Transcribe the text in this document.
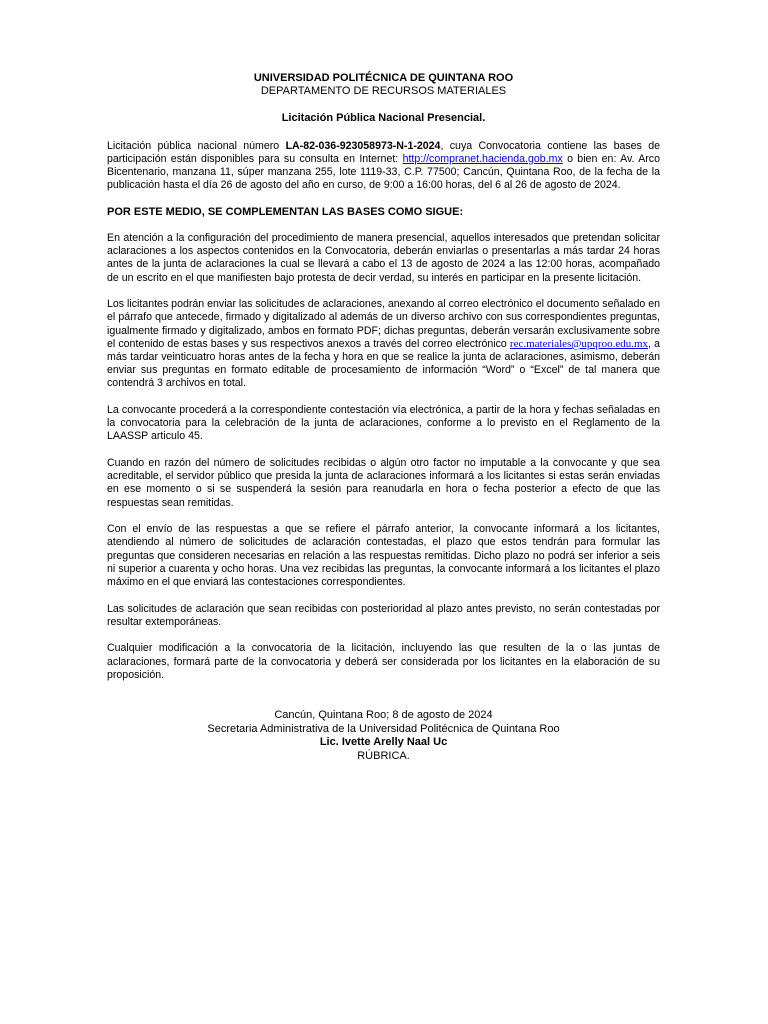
UNIVERSIDAD POLITÉCNICA DE QUINTANA ROO
DEPARTAMENTO DE RECURSOS MATERIALES
Licitación Pública Nacional Presencial.

Licitación pública nacional número LA-82-036-923058973-N-1-2024, cuya Convocatoria contiene las bases de participación están disponibles para su consulta en Internet: http://compranet.hacienda.gob.mx o bien en: Av. Arco Bicentenario, manzana 11, súper manzana 255, lote 1119-33, C.P. 77500; Cancún, Quintana Roo, de la fecha de la publicación hasta el día 26 de agosto del año en curso, de 9:00 a 16:00 horas, del 6 al 26 de agosto de 2024.

POR ESTE MEDIO, SE COMPLEMENTAN LAS BASES COMO SIGUE:

En atención a la configuración del procedimiento de manera presencial, aquellos interesados que pretendan solicitar aclaraciones a los aspectos contenidos en la Convocatoria, deberán enviarlas o presentarlas a más tardar 24 horas antes de la junta de aclaraciones la cual se llevará a cabo el 13 de agosto de 2024 a las 12:00 horas, acompañado de un escrito en el que manifiesten bajo protesta de decir verdad, su interés en participar en la presente licitación.

Los licitantes podrán enviar las solicitudes de aclaraciones, anexando al correo electrónico el documento señalado en el párrafo que antecede, firmado y digitalizado al además de un diverso archivo con sus correspondientes preguntas, igualmente firmado y digitalizado, ambos en formato PDF; dichas preguntas, deberán versarán exclusivamente sobre el contenido de estas bases y sus respectivos anexos a través del correo electrónico rec.materiales@upqroo.edu.mx, a más tardar veinticuatro horas antes de la fecha y hora en que se realice la junta de aclaraciones, asimismo, deberán enviar sus preguntas en formato editable de procesamiento de información “Word” o “Excel” de tal manera que contendrá 3 archivos en total.

La convocante procederá a la correspondiente contestación vía electrónica, a partir de la hora y fechas señaladas en la convocatoria para la celebración de la junta de aclaraciones, conforme a lo previsto en el Reglamento de la LAASSP articulo 45.

Cuando en razón del número de solicitudes recibidas o algún otro factor no imputable a la convocante y que sea acreditable, el servidor público que presida la junta de aclaraciones informará a los licitantes si estas serán enviadas en ese momento o si se suspenderá la sesión para reanudarla en hora o fecha posterior a efecto de que las respuestas sean remitidas.

Con el envío de las respuestas a que se refiere el párrafo anterior, la convocante informará a los licitantes, atendiendo al número de solicitudes de aclaración contestadas, el plazo que estos tendrán para formular las preguntas que consideren necesarias en relación a las respuestas remitidas. Dicho plazo no podrá ser inferior a seis ni superior a cuarenta y ocho horas. Una vez recibidas las preguntas, la convocante informará a los licitantes el plazo máximo en el que enviará las contestaciones correspondientes.

Las solicitudes de aclaración que sean recibidas con posterioridad al plazo antes previsto, no serán contestadas por resultar extemporáneas.

Cualquier modificación a la convocatoria de la licitación, incluyendo las que resulten de la o las juntas de aclaraciones, formará parte de la convocatoria y deberá ser considerada por los licitantes en la elaboración de su proposición.

Cancún, Quintana Roo; 8 de agosto de 2024
Secretaria Administrativa de la Universidad Politécnica de Quintana Roo
Lic. Ivette Arelly Naal Uc
RÚBRICA.
